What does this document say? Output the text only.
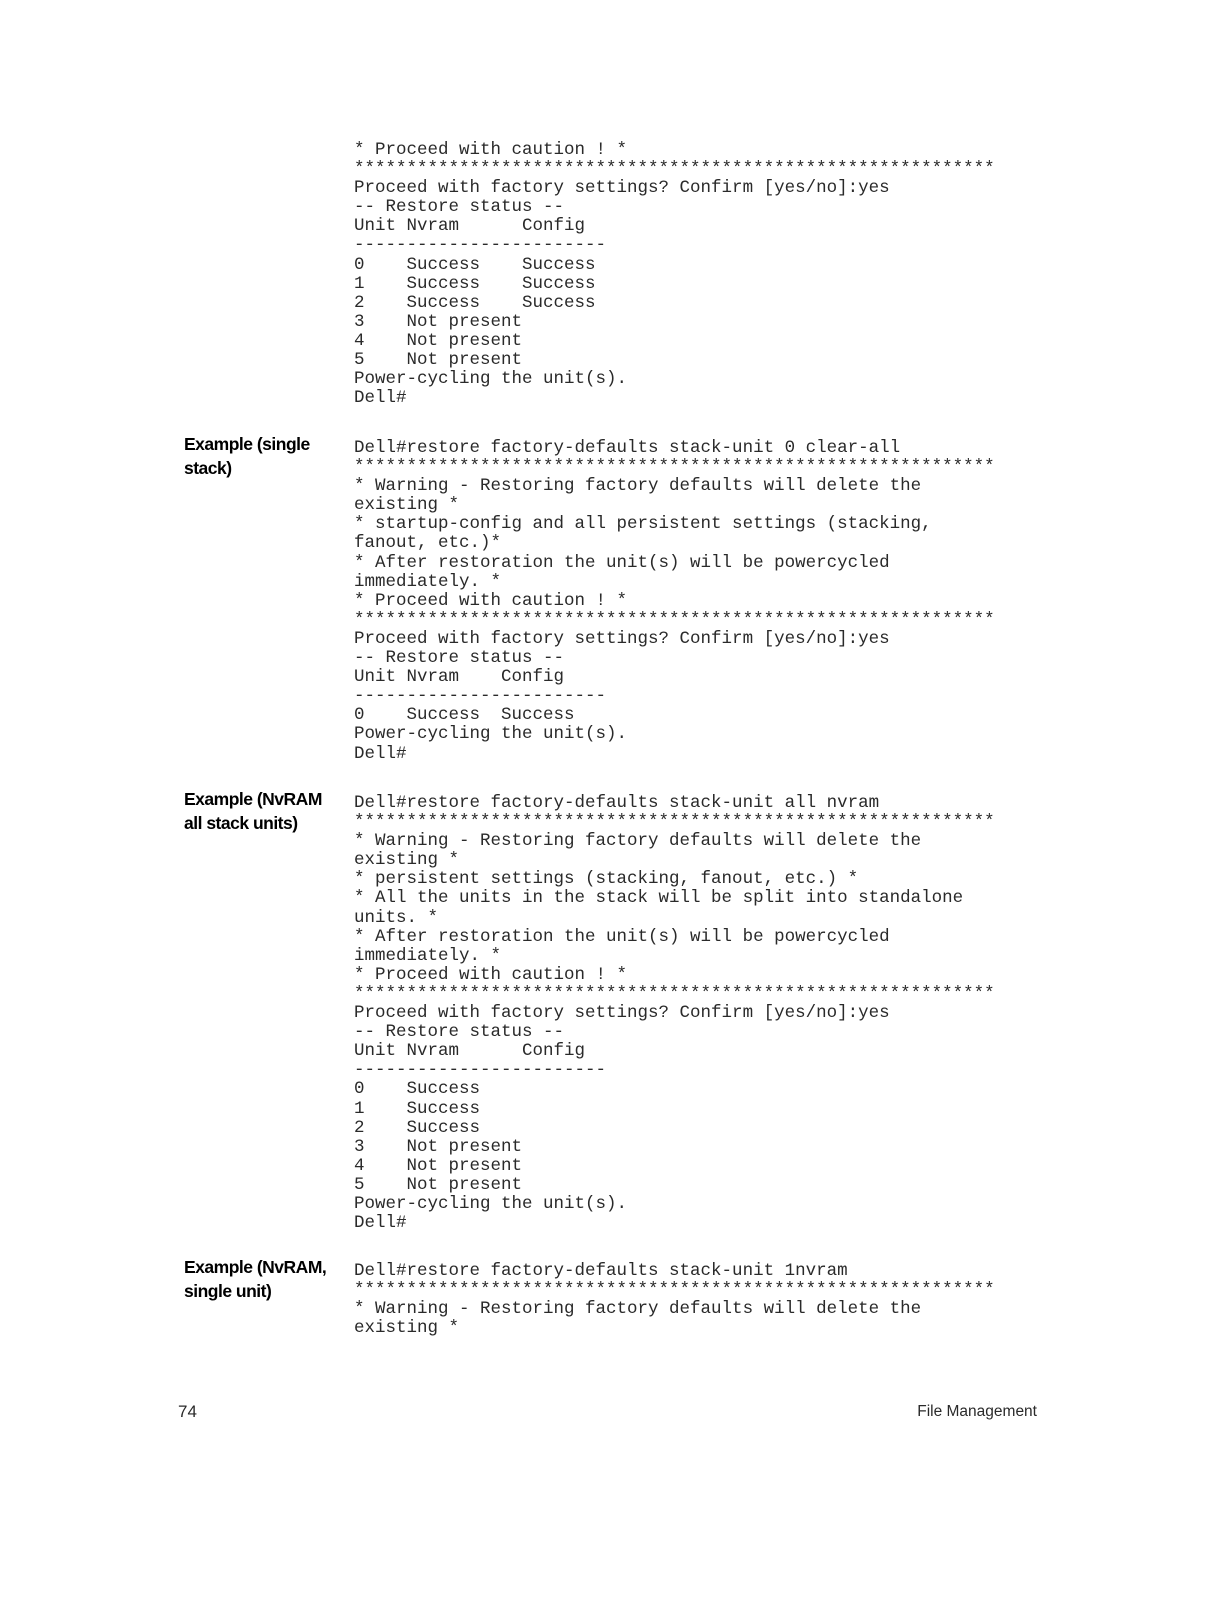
* Proceed with caution ! *
*************************************************************
Proceed with factory settings? Confirm [yes/no]:yes
-- Restore status --
Unit Nvram      Config
------------------------
0    Success    Success
1    Success    Success
2    Success    Success
3    Not present
4    Not present
5    Not present
Power-cycling the unit(s).
Dell#
Example (single stack)
Dell#restore factory-defaults stack-unit 0 clear-all
*************************************************************
* Warning - Restoring factory defaults will delete the
existing *
* startup-config and all persistent settings (stacking,
fanout, etc.)*
* After restoration the unit(s) will be powercycled
immediately. *
* Proceed with caution ! *
*************************************************************
Proceed with factory settings? Confirm [yes/no]:yes
-- Restore status --
Unit Nvram    Config
------------------------
0    Success  Success
Power-cycling the unit(s).
Dell#
Example (NvRAM all stack units)
Dell#restore factory-defaults stack-unit all nvram
*************************************************************
* Warning - Restoring factory defaults will delete the
existing *
* persistent settings (stacking, fanout, etc.) *
* All the units in the stack will be split into standalone
units. *
* After restoration the unit(s) will be powercycled
immediately. *
* Proceed with caution ! *
*************************************************************
Proceed with factory settings? Confirm [yes/no]:yes
-- Restore status --
Unit Nvram      Config
------------------------
0    Success
1    Success
2    Success
3    Not present
4    Not present
5    Not present
Power-cycling the unit(s).
Dell#
Example (NvRAM, single unit)
Dell#restore factory-defaults stack-unit 1nvram
*************************************************************
* Warning - Restoring factory defaults will delete the
existing *
74	File Management
